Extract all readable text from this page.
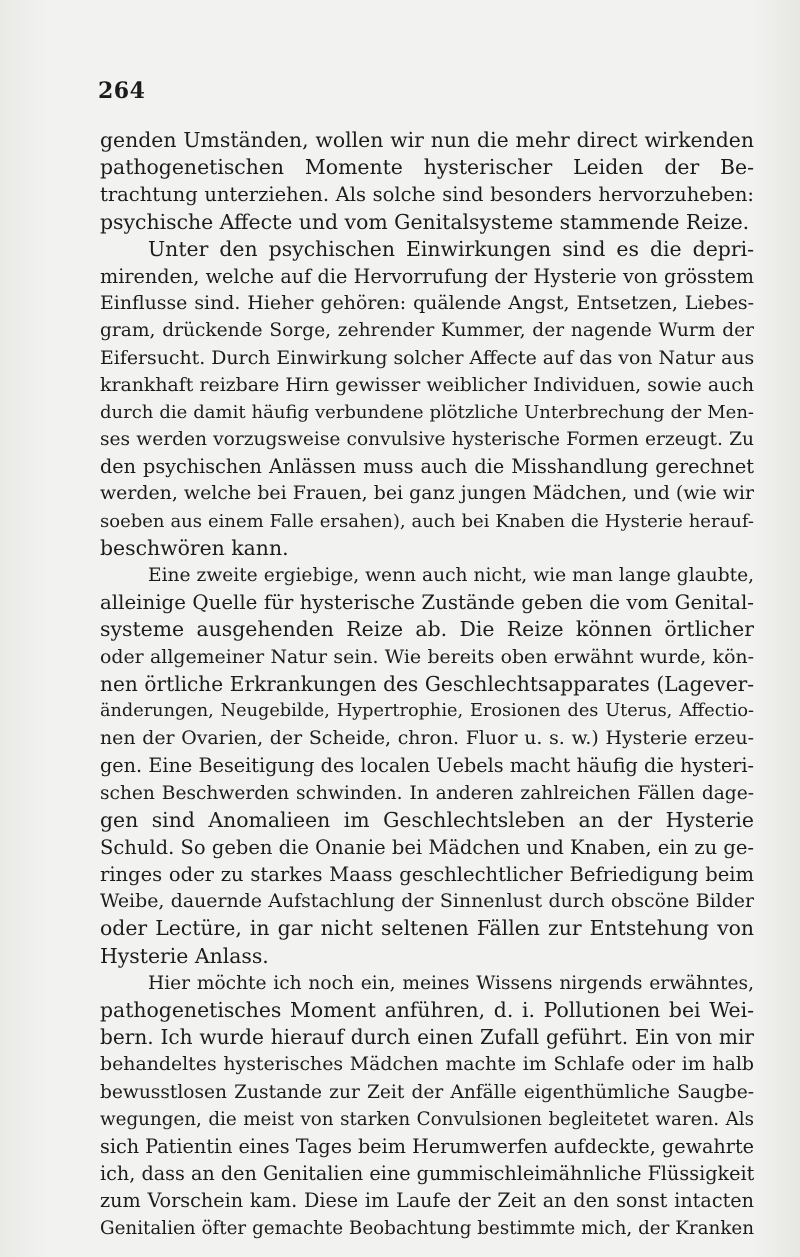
264
genden Umständen, wollen wir nun die mehr direct wirkenden
pathogenetischen Momente hysterischer Leiden der Be-
trachtung unterziehen. Als solche sind besonders hervorzuheben:
psychische Affecte und vom Genitalsysteme stammende Reize.
Unter den psychischen Einwirkungen sind es die depri-
mirenden, welche auf die Hervorrufung der Hysterie von grösstem
Einflusse sind. Hieher gehören: quälende Angst, Entsetzen, Liebes-
gram, drückende Sorge, zehrender Kummer, der nagende Wurm der
Eifersucht. Durch Einwirkung solcher Affecte auf das von Natur aus
krankhaft reizbare Hirn gewisser weiblicher Individuen, sowie auch
durch die damit häufig verbundene plötzliche Unterbrechung der Men-
ses werden vorzugsweise convulsive hysterische Formen erzeugt. Zu
den psychischen Anlässen muss auch die Misshandlung gerechnet
werden, welche bei Frauen, bei ganz jungen Mädchen, und (wie wir
soeben aus einem Falle ersahen), auch bei Knaben die Hysterie herauf-
beschwören kann.
Eine zweite ergiebige, wenn auch nicht, wie man lange glaubte,
alleinige Quelle für hysterische Zustände geben die vom Genital-
systeme ausgehenden Reize ab. Die Reize können örtlicher
oder allgemeiner Natur sein. Wie bereits oben erwähnt wurde, kön-
nen örtliche Erkrankungen des Geschlechtsapparates (Lagever-
änderungen, Neugebilde, Hypertrophie, Erosionen des Uterus, Affectio-
nen der Ovarien, der Scheide, chron. Fluor u. s. w.) Hysterie erzeu-
gen. Eine Beseitigung des localen Uebels macht häufig die hysteri-
schen Beschwerden schwinden. In anderen zahlreichen Fällen dage-
gen sind Anomalieen im Geschlechtsleben an der Hysterie
Schuld. So geben die Onanie bei Mädchen und Knaben, ein zu ge-
ringes oder zu starkes Maass geschlechtlicher Befriedigung beim
Weibe, dauernde Aufstachlung der Sinnenlust durch obscöne Bilder
oder Lectüre, in gar nicht seltenen Fällen zur Entstehung von
Hysterie Anlass.
Hier möchte ich noch ein, meines Wissens nirgends erwähntes,
pathogenetisches Moment anführen, d. i. Pollutionen bei Wei-
bern. Ich wurde hierauf durch einen Zufall geführt. Ein von mir
behandeltes hysterisches Mädchen machte im Schlafe oder im halb
bewusstlosen Zustande zur Zeit der Anfälle eigenthümliche Saugbe-
wegungen, die meist von starken Convulsionen begleitetet waren. Als
sich Patientin eines Tages beim Herumwerfen aufdeckte, gewahrte
ich, dass an den Genitalien eine gummischleimähnliche Flüssigkeit
zum Vorschein kam. Diese im Laufe der Zeit an den sonst intacten
Genitalien öfter gemachte Beobachtung bestimmte mich, der Kranken
